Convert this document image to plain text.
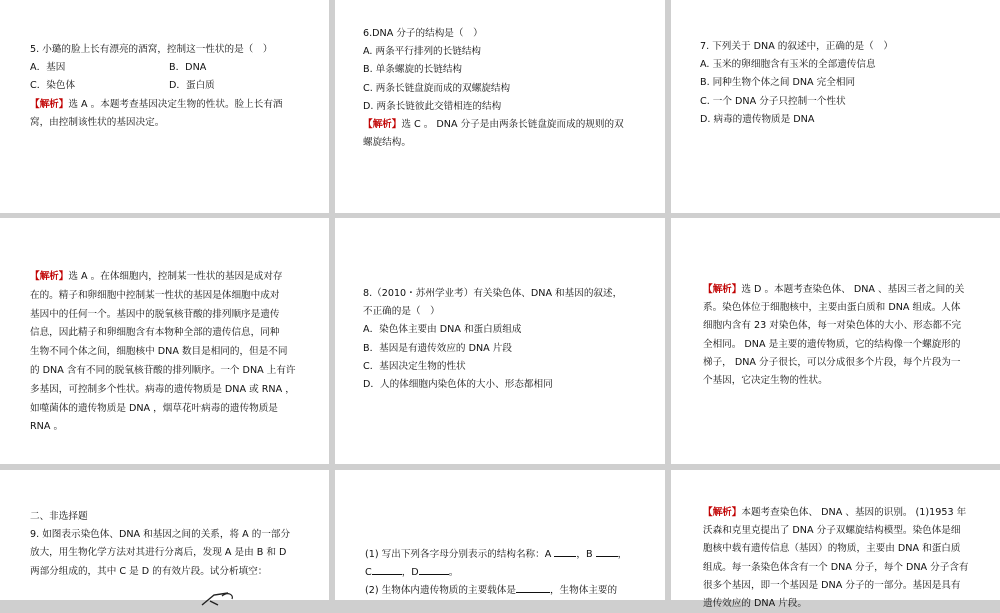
5. 小璐的脸上长有漂亮的酒窝，控制这一性状的是（　）

A．基因	B．DNA
C．染色体	D．蛋白质

【解析】选 A 。本题考查基因决定生物的性状。脸上长有酒

窝，由控制该性状的基因决定。

6.DNA 分子的结构是（　）

A. 两条平行排列的长链结构

B. 单条螺旋的长链结构

C. 两条长链盘旋而成的双螺旋结构

D. 两条长链彼此交错相连的结构

【解析】选 C 。 DNA 分子是由两条长链盘旋而成的规则的双

螺旋结构。

7. 下列关于 DNA 的叙述中，正确的是（　）

A. 玉米的卵细胞含有玉米的全部遗传信息

B. 同种生物个体之间 DNA 完全相同

C. 一个 DNA 分子只控制一个性状

D. 病毒的遗传物质是 DNA

【解析】选 A 。在体细胞内，控制某一性状的基因是成对存

在的。精子和卵细胞中控制某一性状的基因是体细胞中成对

基因中的任何一个。基因中的脱氧核苷酸的排列顺序是遗传

信息，因此精子和卵细胞含有本物种全部的遗传信息，同种

生物不同个体之间，细胞核中 DNA 数目是相同的，但是不同

的 DNA 含有不同的脱氧核苷酸的排列顺序。一个 DNA 上有许

多基因，可控制多个性状。病毒的遗传物质是 DNA 或 RNA ，

如噬菌体的遗传物质是 DNA ，烟草花叶病毒的遗传物质是

RNA 。

8.（2010・苏州学业考）有关染色体、DNA 和基因的叙述，

不正确的是（　）

A．染色体主要由 DNA 和蛋白质组成

B．基因是有遗传效应的 DNA 片段

C．基因决定生物的性状

D．人的体细胞内染色体的大小、形态都相同

【解析】选 D 。本题考查染色体、 DNA 、基因三者之间的关

系。染色体位于细胞核中，主要由蛋白质和 DNA 组成。人体

细胞内含有 23 对染色体，每一对染色体的大小、形态都不完

全相同。 DNA 是主要的遗传物质，它的结构像一个螺旋形的

梯子， DNA 分子很长，可以分成很多个片段，每个片段为一

个基因，它决定生物的性状。

二、非选择题

9. 如图表示染色体、DNA 和基因之间的关系，将 A 的一部分

放大，用生物化学方法对其进行分离后，发现 A 是由 B 和 D

两部分组成的，其中 C 是 D 的有效片段。试分析填空：

(1) 写出下列各字母分别表示的结构名称：A	，B	，

C	，D	。

(2) 生物体内遗传物质的主要载体是	，生物体主要的

【解析】本题考查染色体、 DNA 、基因的识别。 (1)1953 年

沃森和克里克提出了 DNA 分子双螺旋结构模型。染色体是细

胞核中载有遗传信息（基因）的物质，主要由 DNA 和蛋白质

组成。每一条染色体含有一个 DNA 分子，每个 DNA 分子含有

很多个基因，即一个基因是 DNA 分子的一部分。基因是具有

遗传效应的 DNA 片段。
